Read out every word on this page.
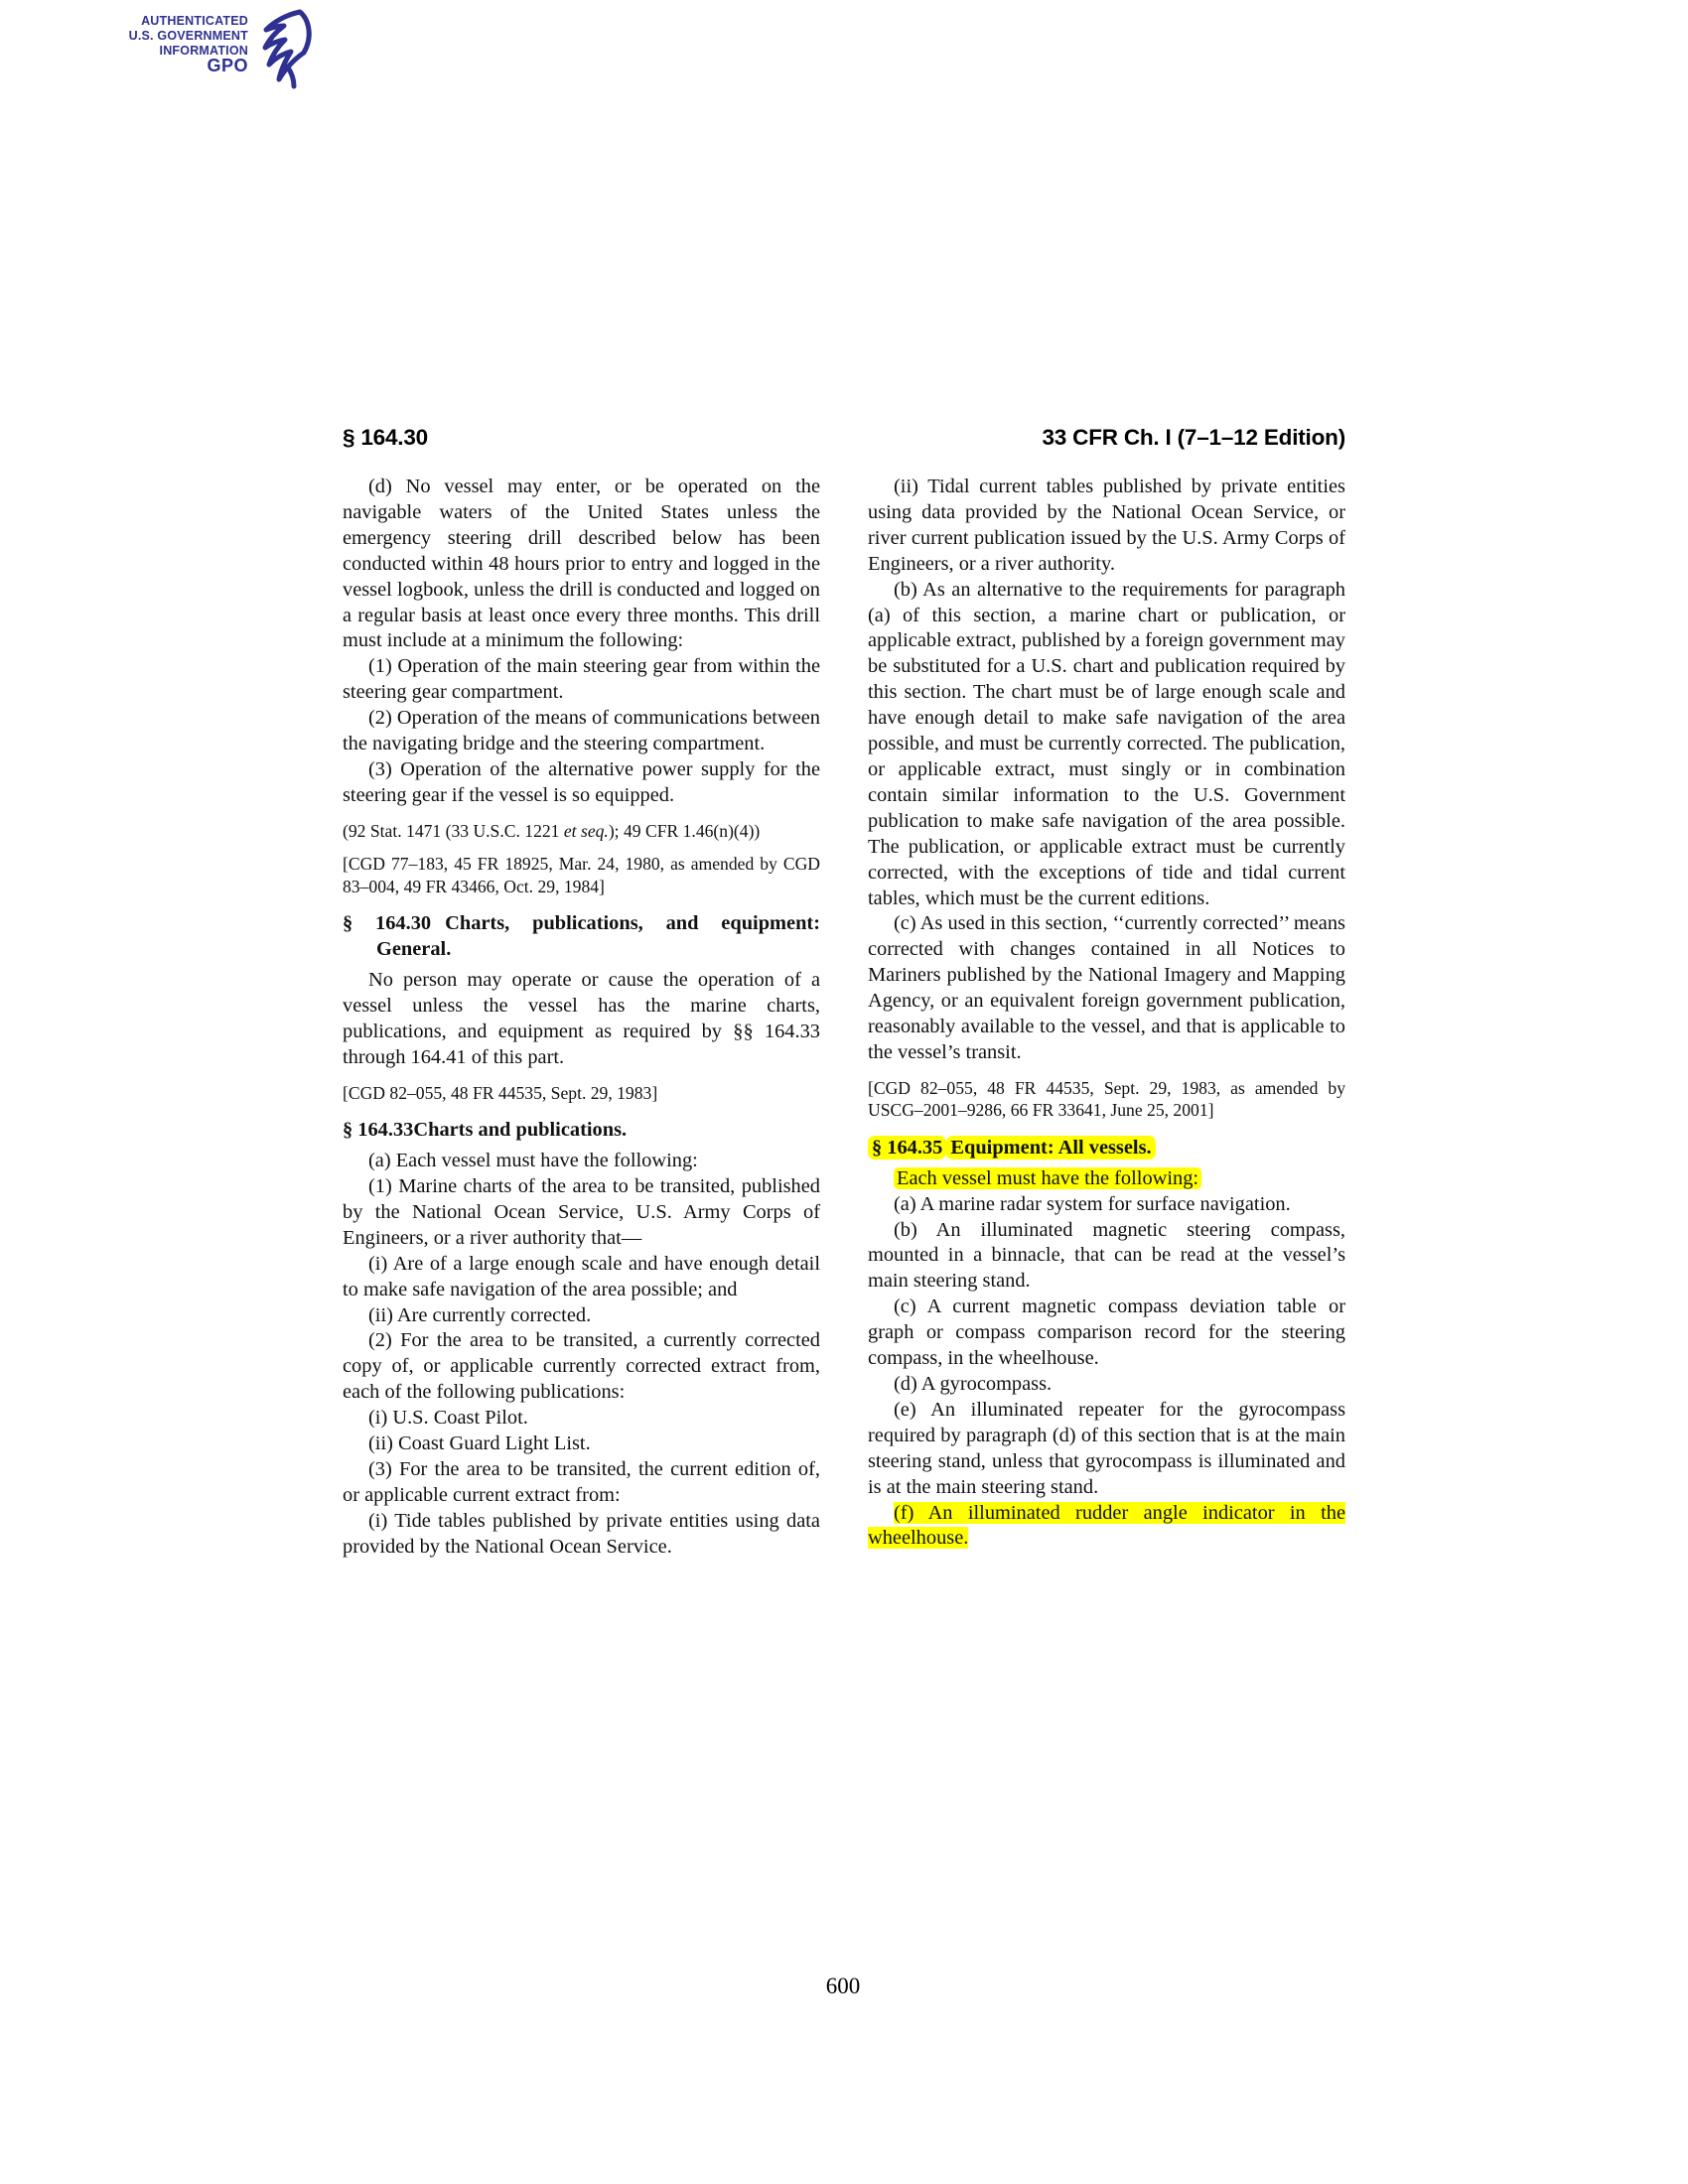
AUTHENTICATED
U.S. GOVERNMENT
INFORMATION
GPO
§ 164.30	33 CFR Ch. I (7–1–12 Edition)

(d) No vessel may enter, or be operated on the navigable waters of the United States unless the emergency steering drill described below has been conducted within 48 hours prior to entry and logged in the vessel logbook, unless the drill is conducted and logged on a regular basis at least once every three months. This drill must include at a minimum the following:

(1) Operation of the main steering gear from within the steering gear compartment.

(2) Operation of the means of communications between the navigating bridge and the steering compartment.

(3) Operation of the alternative power supply for the steering gear if the vessel is so equipped.

(92 Stat. 1471 (33 U.S.C. 1221 et seq.); 49 CFR 1.46(n)(4))

[CGD 77–183, 45 FR 18925, Mar. 24, 1980, as amended by CGD 83–004, 49 FR 43466, Oct. 29, 1984]

§ 164.30 Charts, publications, and equipment: General.

No person may operate or cause the operation of a vessel unless the vessel has the marine charts, publications, and equipment as required by §§ 164.33 through 164.41 of this part.

[CGD 82–055, 48 FR 44535, Sept. 29, 1983]

§ 164.33Charts and publications.

(a) Each vessel must have the following:

(1) Marine charts of the area to be transited, published by the National Ocean Service, U.S. Army Corps of Engineers, or a river authority that—

(i) Are of a large enough scale and have enough detail to make safe navigation of the area possible; and

(ii) Are currently corrected.

(2) For the area to be transited, a currently corrected copy of, or applicable currently corrected extract from, each of the following publications:

(i) U.S. Coast Pilot.

(ii) Coast Guard Light List.

(3) For the area to be transited, the current edition of, or applicable current extract from:

(i) Tide tables published by private entities using data provided by the National Ocean Service.

(ii) Tidal current tables published by private entities using data provided by the National Ocean Service, or river current publication issued by the U.S. Army Corps of Engineers, or a river authority.

(b) As an alternative to the requirements for paragraph (a) of this section, a marine chart or publication, or applicable extract, published by a foreign government may be substituted for a U.S. chart and publication required by this section. The chart must be of large enough scale and have enough detail to make safe navigation of the area possible, and must be currently corrected. The publication, or applicable extract, must singly or in combination contain similar information to the U.S. Government publication to make safe navigation of the area possible. The publication, or applicable extract must be currently corrected, with the exceptions of tide and tidal current tables, which must be the current editions.

(c) As used in this section, ‘‘currently corrected’’ means corrected with changes contained in all Notices to Mariners published by the National Imagery and Mapping Agency, or an equivalent foreign government publication, reasonably available to the vessel, and that is applicable to the vessel’s transit.

[CGD 82–055, 48 FR 44535, Sept. 29, 1983, as amended by USCG–2001–9286, 66 FR 33641, June 25, 2001]

§ 164.35 Equipment: All vessels.

Each vessel must have the following:

(a) A marine radar system for surface navigation.

(b) An illuminated magnetic steering compass, mounted in a binnacle, that can be read at the vessel’s main steering stand.

(c) A current magnetic compass deviation table or graph or compass comparison record for the steering compass, in the wheelhouse.

(d) A gyrocompass.

(e) An illuminated repeater for the gyrocompass required by paragraph (d) of this section that is at the main steering stand, unless that gyrocompass is illuminated and is at the main steering stand.

(f) An illuminated rudder angle indicator in the wheelhouse.

600
